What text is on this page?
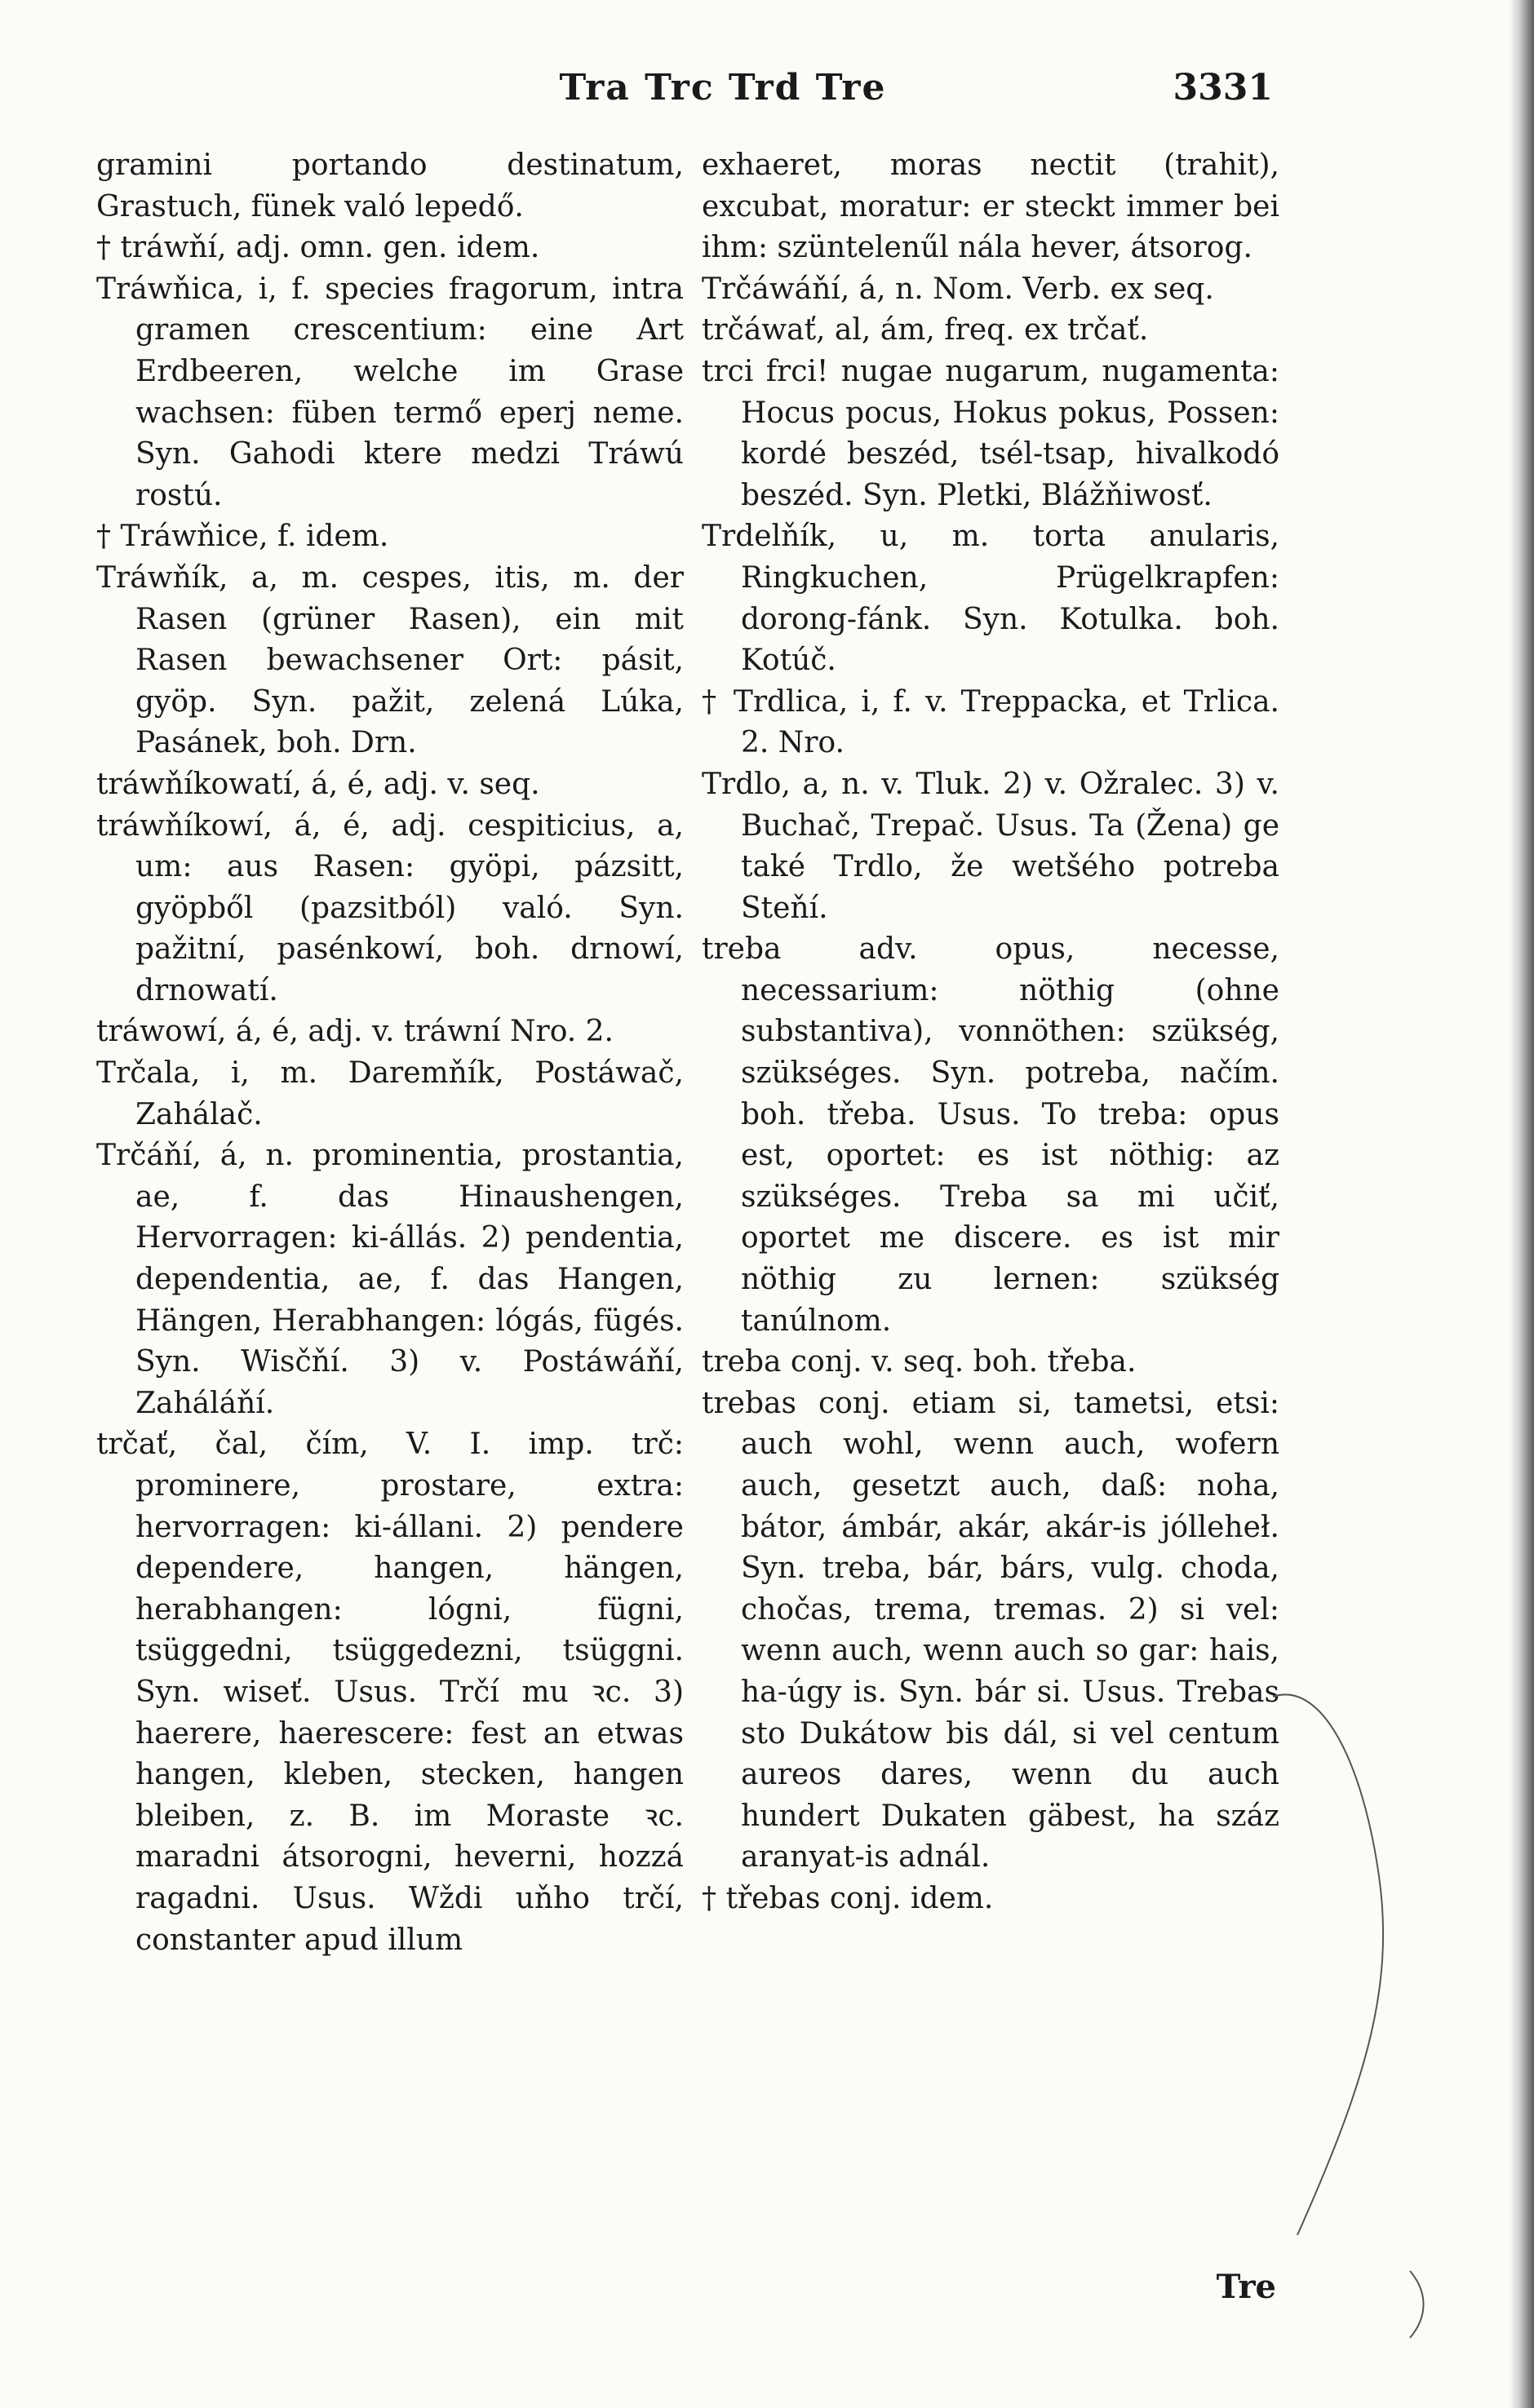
Tra Trc Trd Tre	3331

gramini portando destinatum, Grastuch, fünek való lepedő.

† tráwňí, adj. omn. gen. idem.

Tráwňica, i, f. species fragorum, intra gramen crescentium: eine Art Erdbeeren, welche im Grase wachsen: füben termő eperj neme. Syn. Gahodi ktere medzi Tráwú rostú.

† Tráwňice, f. idem.

Tráwňík, a, m. cespes, itis, m. der Rasen (grüner Rasen), ein mit Rasen bewachsener Ort: pásit, gyöp. Syn. pažit, zelená Lúka, Pasánek, boh. Drn.

tráwňíkowatí, á, é, adj. v. seq.

tráwňíkowí, á, é, adj. cespiticius, a, um: aus Rasen: gyöpi, pázsitt, gyöpből (pazsitból) való. Syn. pažitní, pasénkowí, boh. drnowí, drnowatí.

tráwowí, á, é, adj. v. tráwní Nro. 2.

Trčala, i, m. Daremňík, Postáwač, Zahálač.

Trčáňí, á, n. prominentia, prostantia, ae, f. das Hinaushengen, Hervorragen: ki-állás. 2) pendentia, dependentia, ae, f. das Hangen, Hängen, Herabhangen: lógás, fügés. Syn. Wisčňí. 3) v. Postáwáňí, Zaháláňí.

trčať, čal, čím, V. I. imp. trč: prominere, prostare, extra: hervorragen: ki-állani. 2) pendere dependere, hangen, hängen, herabhangen: lógni, fügni, tsüggedni, tsüggedezni, tsüggni. Syn. wiseť. Usus. Trčí mu ꝛc. 3) haerere, haerescere: fest an etwas hangen, kleben, stecken, hangen bleiben, z. B. im Moraste ꝛc. maradni átsorogni, heverni, hozzá ragadni. Usus. Wždi uňho trčí, constanter apud illum

exhaeret, moras nectit (trahit), excubat, moratur: er steckt immer bei ihm: szüntelenűl nála hever, átsorog.

Trčáwáňí, á, n. Nom. Verb. ex seq.

trčáwať, al, ám, freq. ex trčať.

trci frci! nugae nugarum, nugamenta: Hocus pocus, Hokus pokus, Possen: kordé beszéd, tsél-tsap, hivalkodó beszéd. Syn. Pletki, Blážňiwosť.

Trdelňík, u, m. torta anularis, Ringkuchen, Prügelkrapfen: dorong-fánk. Syn. Kotulka. boh. Kotúč.

† Trdlica, i, f. v. Treppacka, et Trlica. 2. Nro.

Trdlo, a, n. v. Tluk. 2) v. Ožralec. 3) v. Buchač, Trepač. Usus. Ta (Žena) ge také Trdlo, že wetšého potreba Steňí.

treba adv. opus, necesse, necessarium: nöthig (ohne substantiva), vonnöthen: szükség, szükséges. Syn. potreba, načím. boh. třeba. Usus. To treba: opus est, oportet: es ist nöthig: az szükséges. Treba sa mi učiť, oportet me discere. es ist mir nöthig zu lernen: szükség tanúlnom.

treba conj. v. seq. boh. třeba.

trebas conj. etiam si, tametsi, etsi: auch wohl, wenn auch, wofern auch, gesetzt auch, daß: noha, bátor, ámbár, akár, akár-is jólleheł. Syn. treba, bár, bárs, vulg. choda, chočas, trema, tremas. 2) si vel: wenn auch, wenn auch so gar: hais, ha-úgy is. Syn. bár si. Usus. Trebas sto Dukátow bis dál, si vel centum aureos dares, wenn du auch hundert Dukaten gäbest, ha száz aranyat-is adnál.

† třebas conj. idem.

Tre
